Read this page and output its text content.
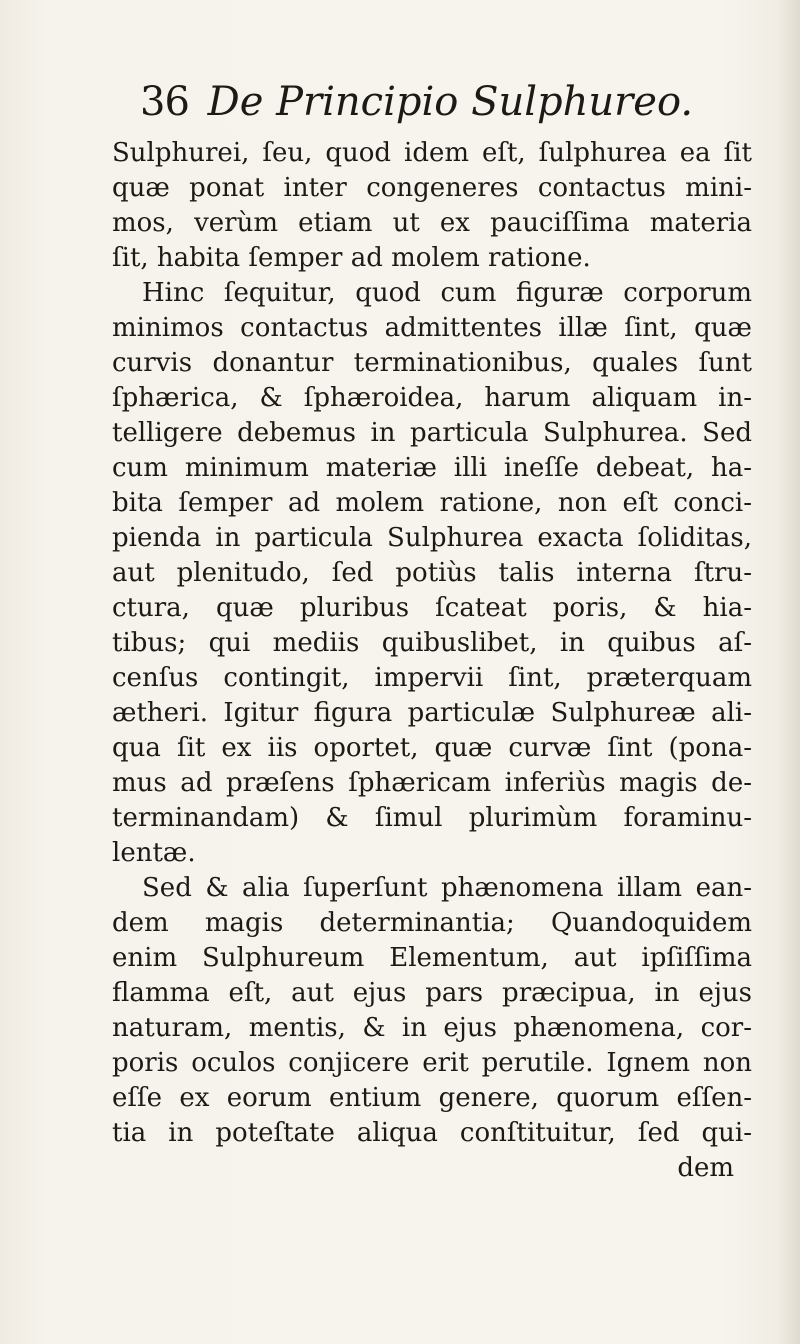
36 De Principio Sulphureo.
Sulphurei, ſeu, quod idem eſt, ſulphurea ea ſit
quæ ponat inter congeneres contactus mini-
mos, verùm etiam ut ex pauciſſima materia
ſit, habita ſemper ad molem ratione.
Hinc ſequitur, quod cum figuræ corporum
minimos contactus admittentes illæ ſint, quæ
curvis donantur terminationibus, quales ſunt
ſphærica, & ſphæroidea, harum aliquam in-
telligere debemus in particula Sulphurea. Sed
cum minimum materiæ illi ineſſe debeat, ha-
bita ſemper ad molem ratione, non eſt conci-
pienda in particula Sulphurea exacta ſoliditas,
aut plenitudo, ſed potiùs talis interna ſtru-
ctura, quæ pluribus ſcateat poris, & hia-
tibus; qui mediis quibuslibet, in quibus aſ-
cenſus contingit, impervii ſint, præterquam
ætheri. Igitur figura particulæ Sulphureæ ali-
qua ſit ex iis oportet, quæ curvæ ſint (pona-
mus ad præſens ſphæricam inferiùs magis de-
terminandam) & ſimul plurimùm foraminu-
lentæ.
Sed & alia ſuperſunt phænomena illam ean-
dem magis determinantia; Quandoquidem
enim Sulphureum Elementum, aut ipſiſſima
flamma eſt, aut ejus pars præcipua, in ejus
naturam, mentis, & in ejus phænomena, cor-
poris oculos conjicere erit perutile. Ignem non
eſſe ex eorum entium genere, quorum eſſen-
tia in poteſtate aliqua conſtituitur, ſed qui-
dem
